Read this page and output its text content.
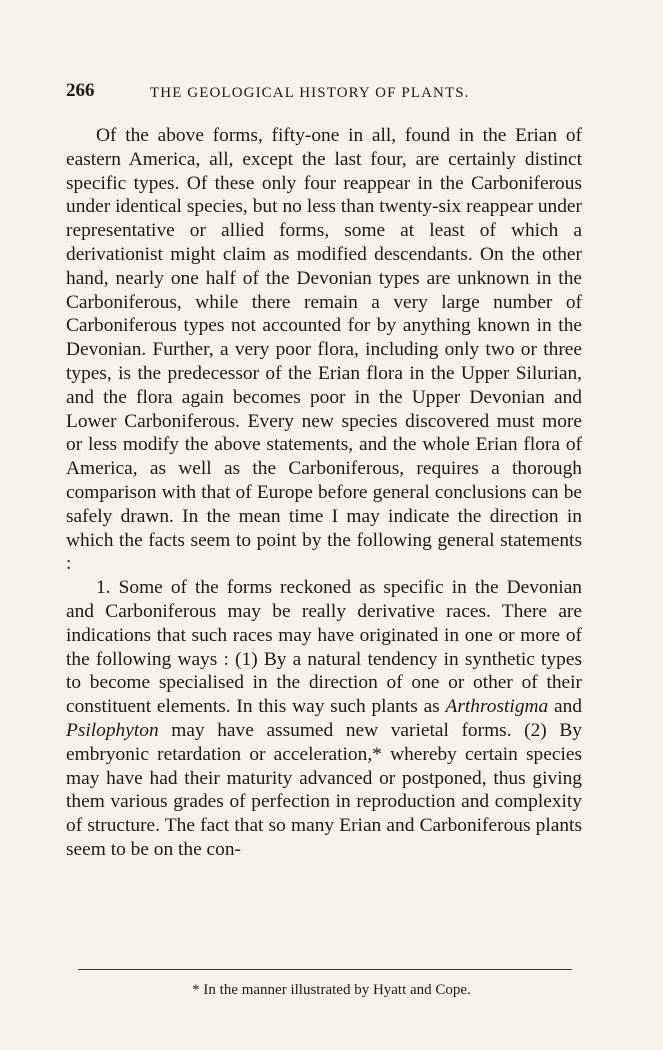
266	THE GEOLOGICAL HISTORY OF PLANTS.

Of the above forms, fifty-one in all, found in the Erian of eastern America, all, except the last four, are certainly distinct specific types. Of these only four reappear in the Carboniferous under identical species, but no less than twenty-six reappear under representative or allied forms, some at least of which a derivationist might claim as modified descendants. On the other hand, nearly one half of the Devonian types are unknown in the Carboniferous, while there remain a very large number of Carboniferous types not accounted for by anything known in the Devonian. Further, a very poor flora, including only two or three types, is the predecessor of the Erian flora in the Upper Silurian, and the flora again becomes poor in the Upper Devonian and Lower Carboniferous. Every new species discovered must more or less modify the above statements, and the whole Erian flora of America, as well as the Carboniferous, requires a thorough comparison with that of Europe before general conclusions can be safely drawn. In the mean time I may indicate the direction in which the facts seem to point by the following general statements :

1. Some of the forms reckoned as specific in the Devonian and Carboniferous may be really derivative races. There are indications that such races may have originated in one or more of the following ways : (1) By a natural tendency in synthetic types to become specialised in the direction of one or other of their constituent elements. In this way such plants as Arthrostigma and Psilophyton may have assumed new varietal forms. (2) By embryonic retardation or acceleration,* whereby certain species may have had their maturity advanced or postponed, thus giving them various grades of perfection in reproduction and complexity of structure. The fact that so many Erian and Carboniferous plants seem to be on the con-

* In the manner illustrated by Hyatt and Cope.
